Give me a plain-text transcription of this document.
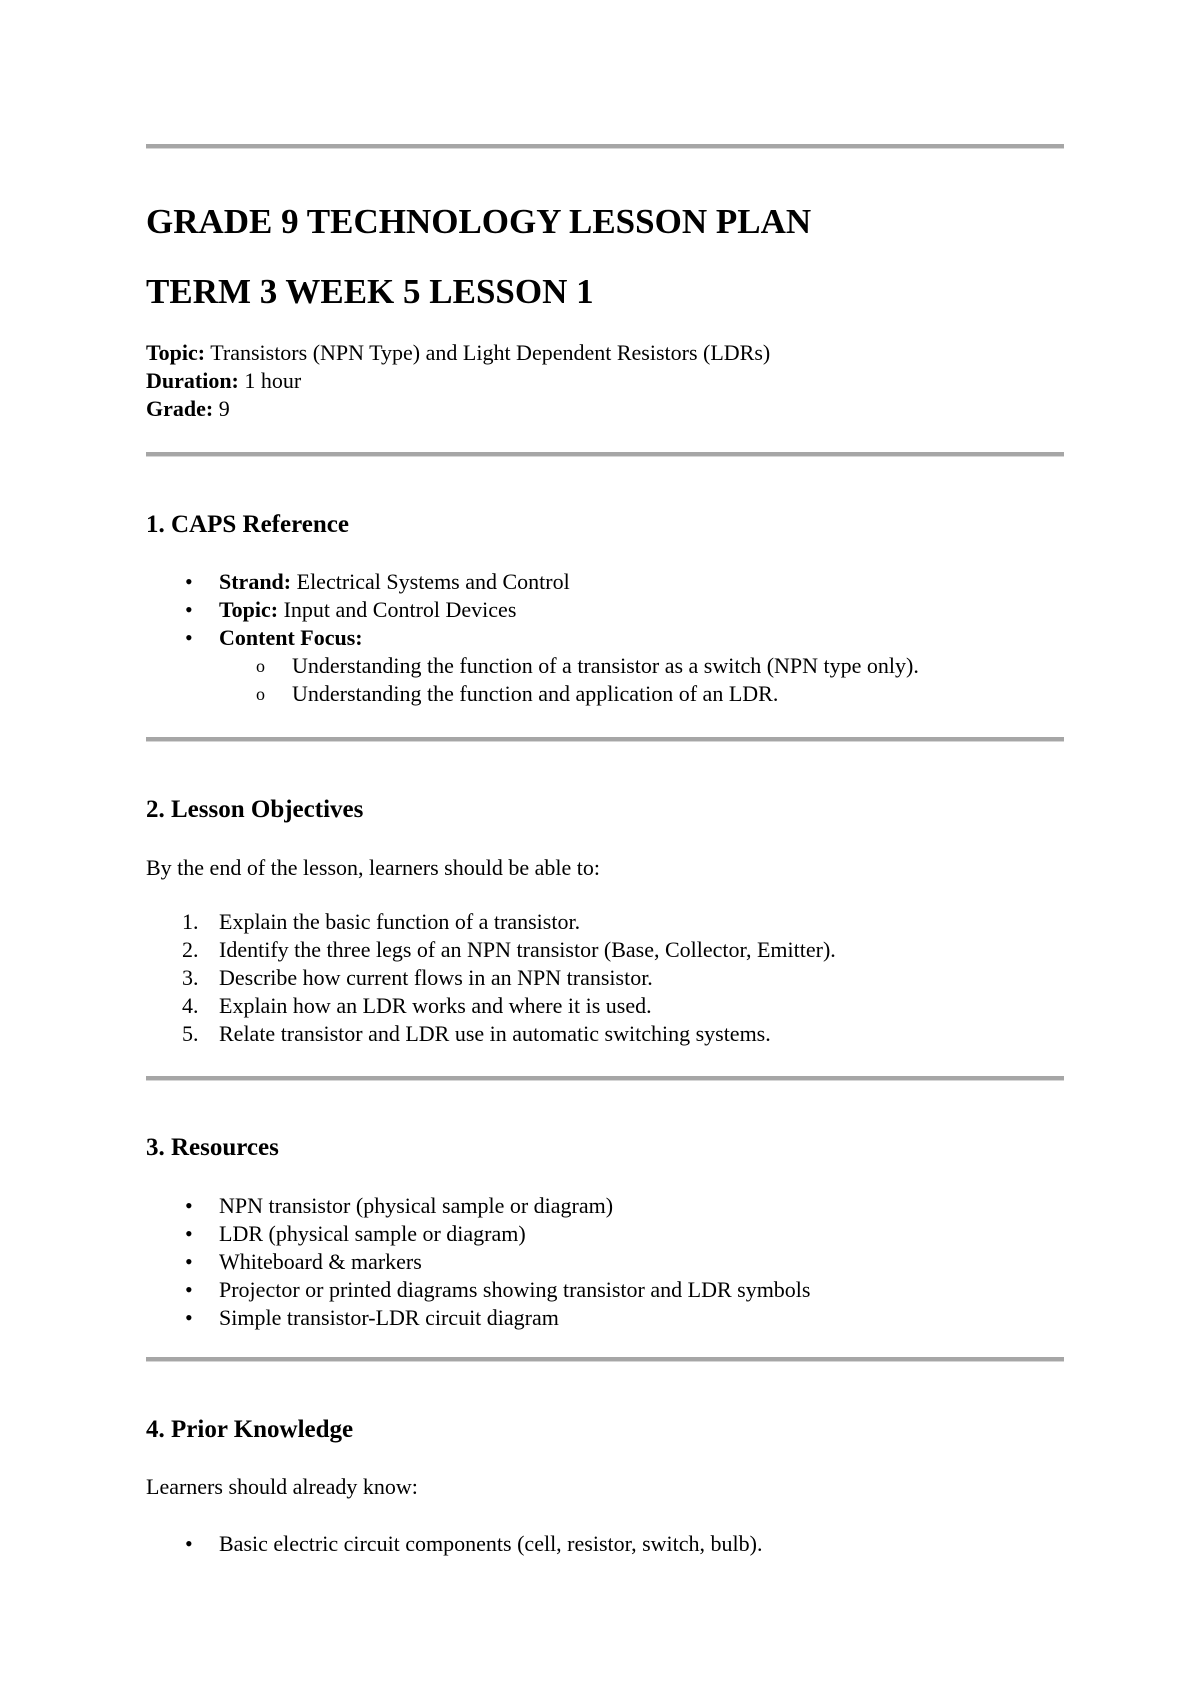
GRADE 9 TECHNOLOGY LESSON PLAN
TERM 3 WEEK 5 LESSON 1
Topic: Transistors (NPN Type) and Light Dependent Resistors (LDRs)
Duration: 1 hour
Grade: 9
1. CAPS Reference
•	Strand: Electrical Systems and Control
•	Topic: Input and Control Devices
•	Content Focus:
o Understanding the function of a transistor as a switch (NPN type only).
o Understanding the function and application of an LDR.
2. Lesson Objectives

By the end of the lesson, learners should be able to:

1. Explain the basic function of a transistor.
2. Identify the three legs of an NPN transistor (Base, Collector, Emitter).
3. Describe how current flows in an NPN transistor.
4. Explain how an LDR works and where it is used.
5. Relate transistor and LDR use in automatic switching systems.
3. Resources
•	NPN transistor (physical sample or diagram)
•	LDR (physical sample or diagram)
•	Whiteboard & markers
•	Projector or printed diagrams showing transistor and LDR symbols
•	Simple transistor-LDR circuit diagram
4. Prior Knowledge

Learners should already know:

•	Basic electric circuit components (cell, resistor, switch, bulb).
